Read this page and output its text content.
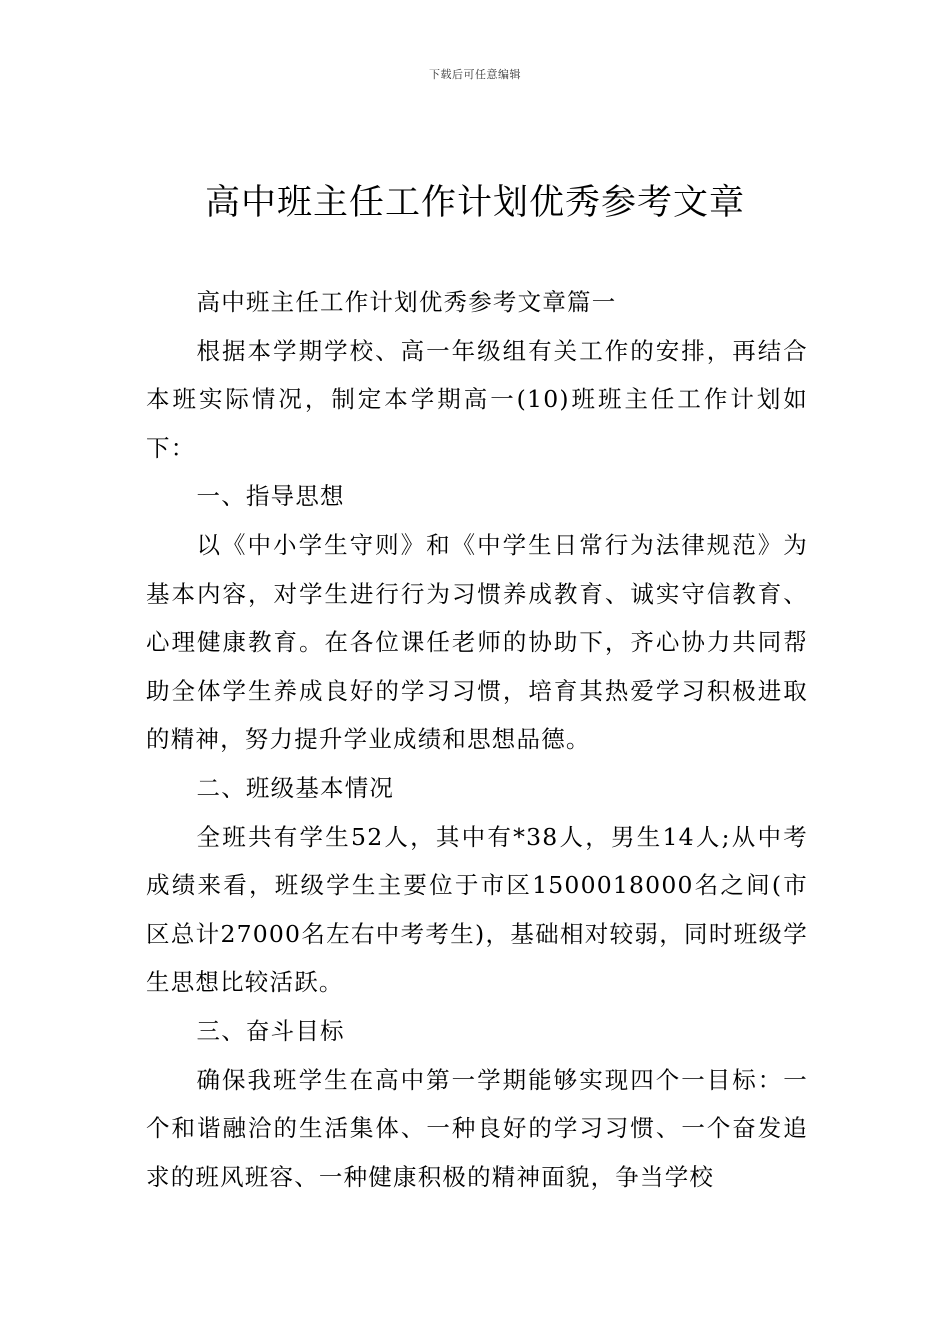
下载后可任意编辑
高中班主任工作计划优秀参考文章

高中班主任工作计划优秀参考文章篇一

根据本学期学校、高一年级组有关工作的安排，再结合本班实际情况，制定本学期高一(10)班班主任工作计划如下：

一、指导思想

以《中小学生守则》和《中学生日常行为法律规范》为基本内容，对学生进行行为习惯养成教育、诚实守信教育、心理健康教育。在各位课任老师的协助下，齐心协力共同帮助全体学生养成良好的学习习惯，培育其热爱学习积极进取的精神，努力提升学业成绩和思想品德。

二、班级基本情况

全班共有学生52人，其中有*38人，男生14人;从中考成绩来看，班级学生主要位于市区1500018000名之间(市区总计27000名左右中考考生)，基础相对较弱，同时班级学生思想比较活跃。

三、奋斗目标

确保我班学生在高中第一学期能够实现四个一目标：一个和谐融洽的生活集体、一种良好的学习习惯、一个奋发追求的班风班容、一种健康积极的精神面貌，争当学校
